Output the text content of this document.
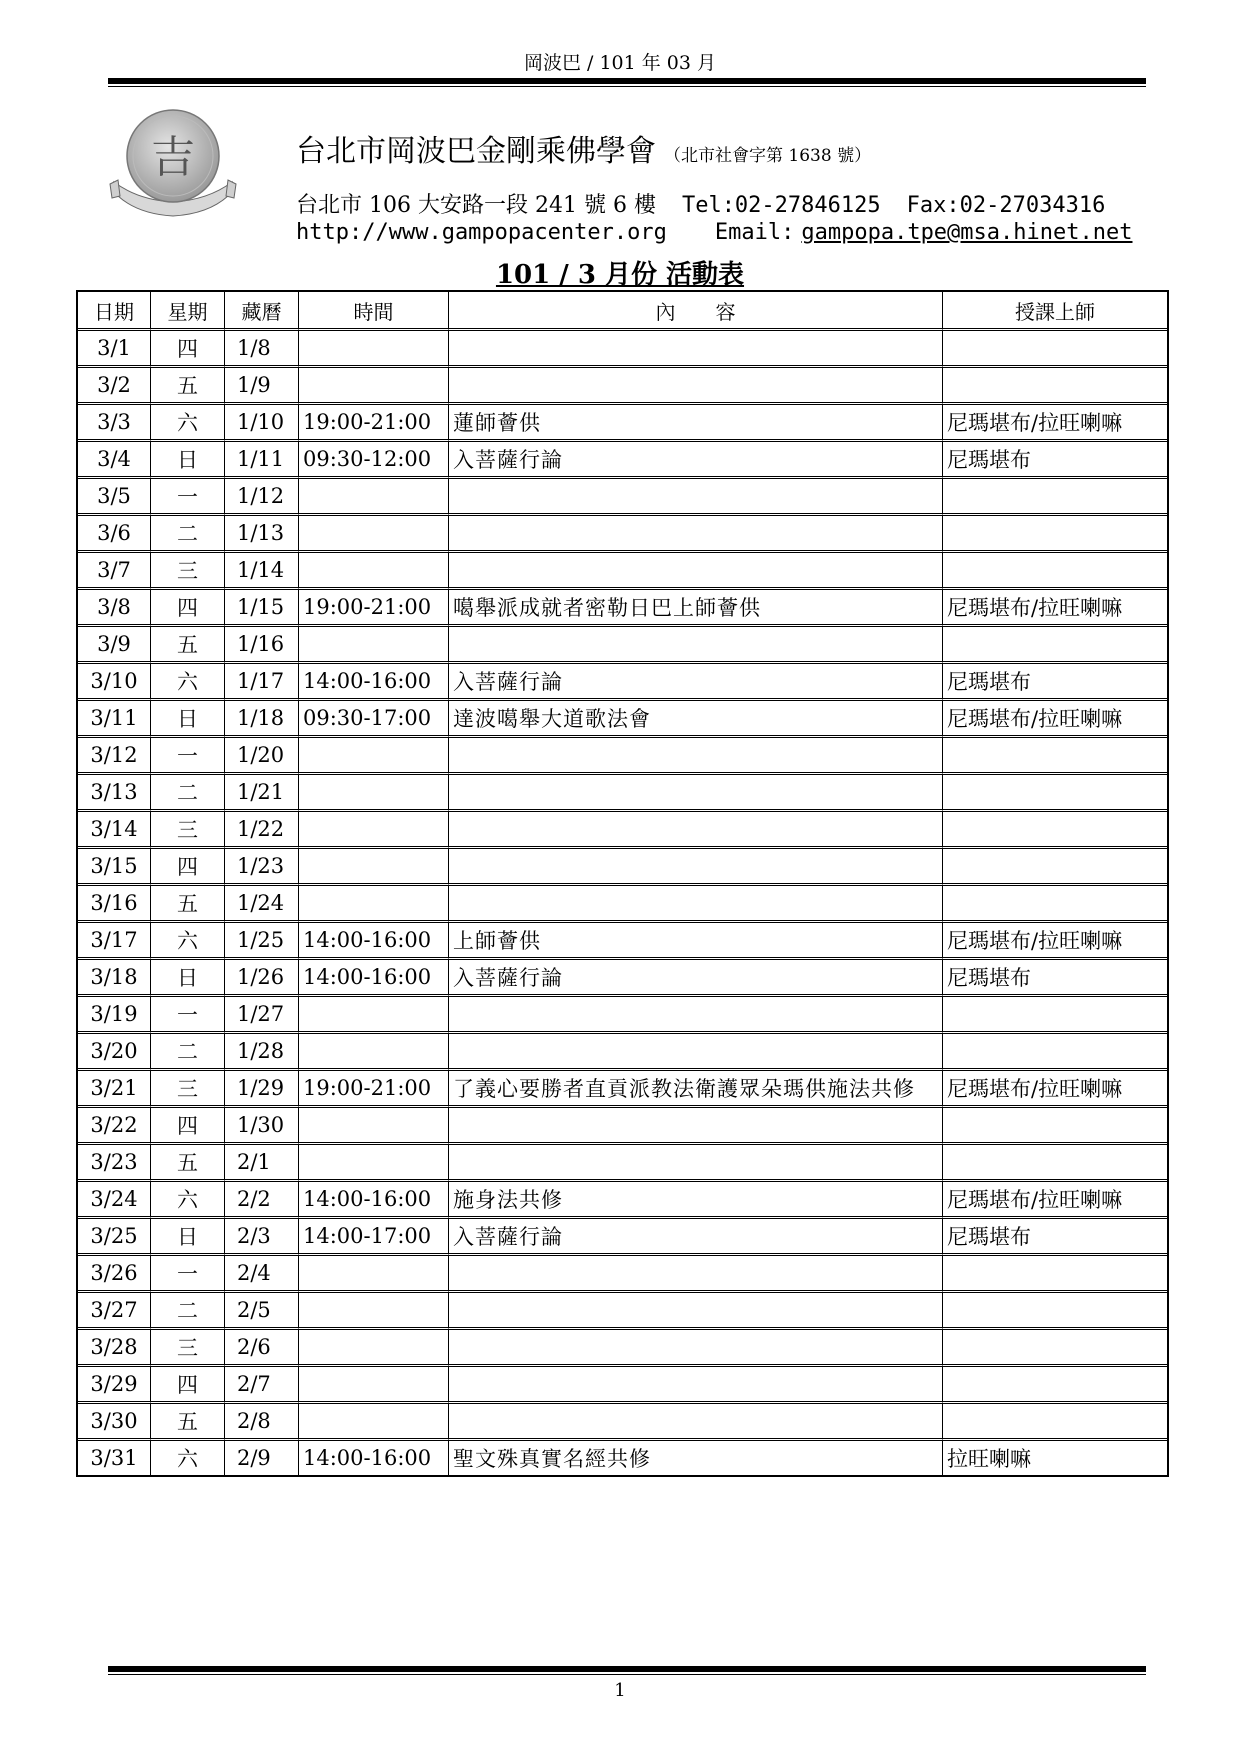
岡波巴 / 101 年 03 月
吉	台北市岡波巴金剛乘佛學會 （北市社會字第 1638 號）
台北市 106 大安路一段 241 號 6 樓 Tel:02-27846125 Fax:02-27034316
http://www.gampopacenter.org Email: gampopa.tpe@msa.hinet.net
101 / 3 月份 活動表
日期	星期	藏曆	時間	內　　容	授課上師
3/1	四	1/8			
3/2	五	1/9			
3/3	六	1/10	19:00-21:00	蓮師薈供	尼瑪堪布/拉旺喇嘛
3/4	日	1/11	09:30-12:00	入菩薩行論	尼瑪堪布
3/5	一	1/12			
3/6	二	1/13			
3/7	三	1/14			
3/8	四	1/15	19:00-21:00	噶舉派成就者密勒日巴上師薈供	尼瑪堪布/拉旺喇嘛
3/9	五	1/16			
3/10	六	1/17	14:00-16:00	入菩薩行論	尼瑪堪布
3/11	日	1/18	09:30-17:00	達波噶舉大道歌法會	尼瑪堪布/拉旺喇嘛
3/12	一	1/20			
3/13	二	1/21			
3/14	三	1/22			
3/15	四	1/23			
3/16	五	1/24			
3/17	六	1/25	14:00-16:00	上師薈供	尼瑪堪布/拉旺喇嘛
3/18	日	1/26	14:00-16:00	入菩薩行論	尼瑪堪布
3/19	一	1/27			
3/20	二	1/28			
3/21	三	1/29	19:00-21:00	了義心要勝者直貢派教法衛護眾朵瑪供施法共修	尼瑪堪布/拉旺喇嘛
3/22	四	1/30			
3/23	五	2/1			
3/24	六	2/2	14:00-16:00	施身法共修	尼瑪堪布/拉旺喇嘛
3/25	日	2/3	14:00-17:00	入菩薩行論	尼瑪堪布
3/26	一	2/4			
3/27	二	2/5			
3/28	三	2/6			
3/29	四	2/7			
3/30	五	2/8			
3/31	六	2/9	14:00-16:00	聖文殊真實名經共修	拉旺喇嘛
1
